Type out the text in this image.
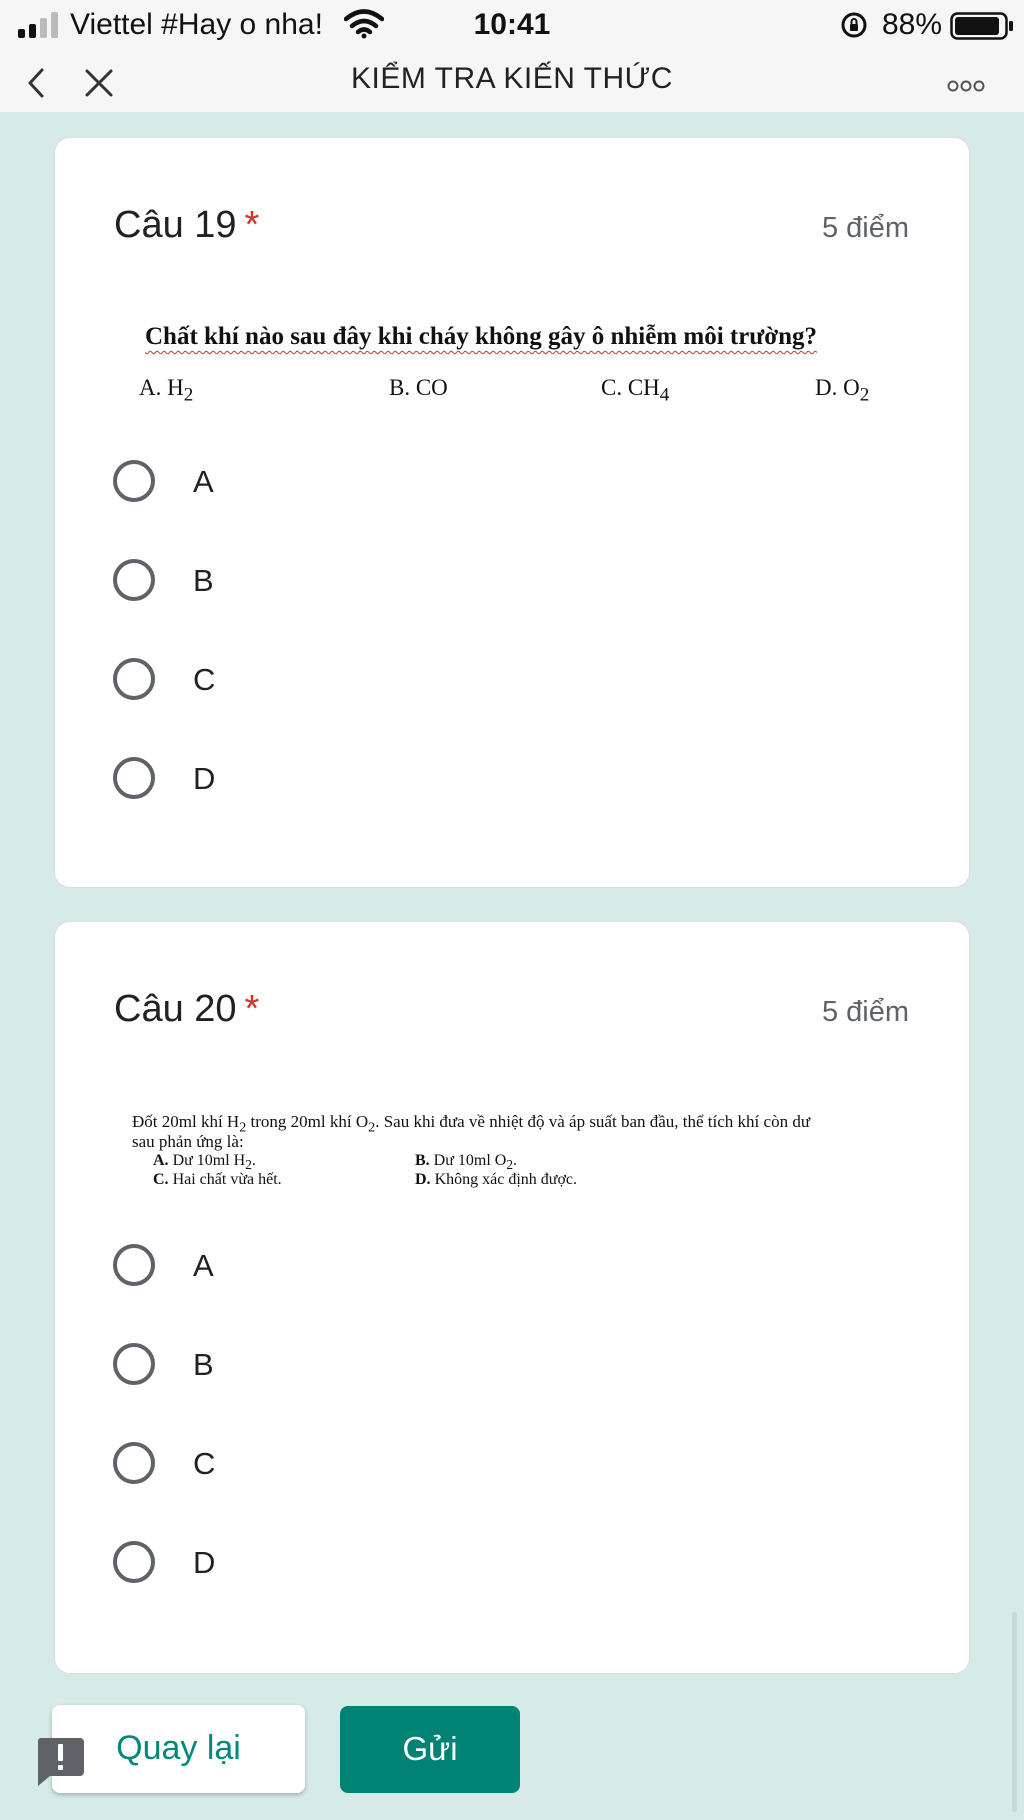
Viettel #Hay o nha!	10:41	88%
KIỂM TRA KIẾN THỨC
Câu 19 *	5 điểm
Chất khí nào sau đây khi cháy không gây ô nhiễm môi trường?
A. $H_2$	B. CO	C. $CH_4$	D. $O_2$
A
B
C
D
Câu 20 *	5 điểm
Đốt 20ml khí $H_2$ trong 20ml khí $O_2$. Sau khi đưa về nhiệt độ và áp suất ban đầu, thể tích khí còn dư
sau phản ứng là:
A. Dư 10ml $H_2$.	B. Dư 10ml $O_2$.
C. Hai chất vừa hết.	D. Không xác định được.
A
B
C
D
Quay lại	Gửi
